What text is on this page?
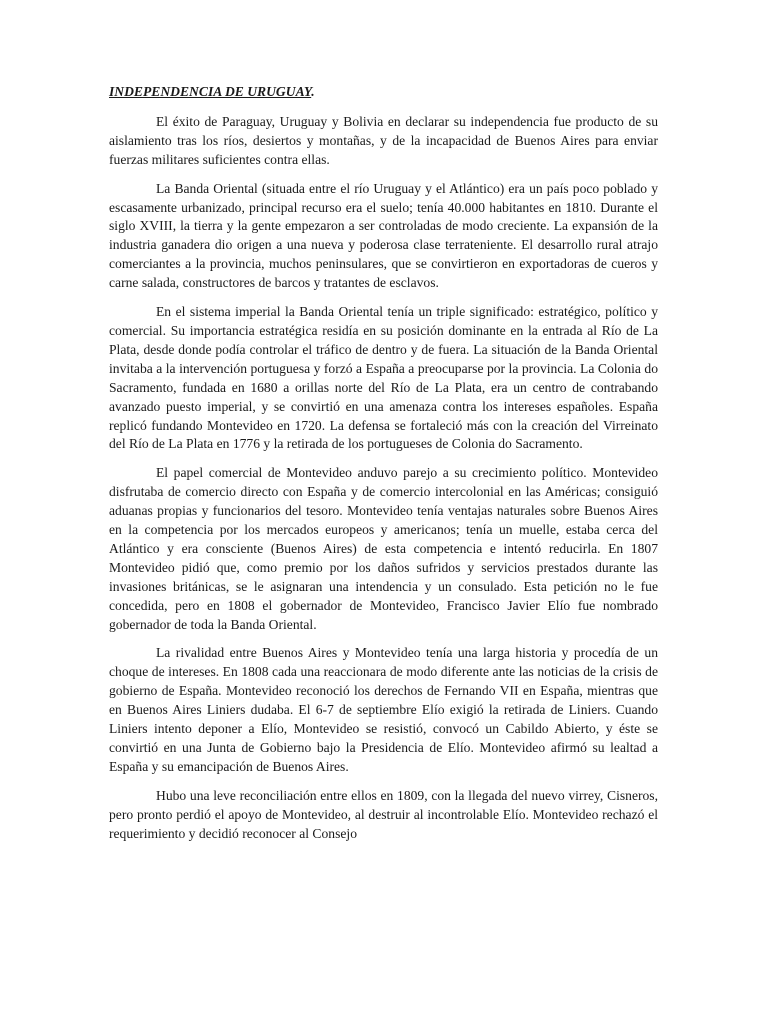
INDEPENDENCIA DE URUGUAY.

El éxito de Paraguay, Uruguay y Bolivia en declarar su independencia fue producto de su aislamiento tras los ríos, desiertos y montañas, y de la incapacidad de Buenos Aires para enviar fuerzas militares suficientes contra ellas.

La Banda Oriental (situada entre el río Uruguay y el Atlántico) era un país poco poblado y escasamente urbanizado, principal recurso era el suelo; tenía 40.000 habitantes en 1810. Durante el siglo XVIII, la tierra y la gente empezaron a ser controladas de modo creciente. La expansión de la industria ganadera dio origen a una nueva y poderosa clase terrateniente. El desarrollo rural atrajo comerciantes a la provincia, muchos peninsulares, que se convirtieron en exportadoras de cueros y carne salada, constructores de barcos y tratantes de esclavos.

En el sistema imperial la Banda Oriental tenía un triple significado: estratégico, político y comercial. Su importancia estratégica residía en su posición dominante en la entrada al Río de La Plata, desde donde podía controlar el tráfico de dentro y de fuera. La situación de la Banda Oriental invitaba a la intervención portuguesa y forzó a España a preocuparse por la provincia. La Colonia do Sacramento, fundada en 1680 a orillas norte del Río de La Plata, era un centro de contrabando avanzado puesto imperial, y se convirtió en una amenaza contra los intereses españoles. España replicó fundando Montevideo en 1720. La defensa se fortaleció más con la creación del Virreinato del Río de La Plata en 1776 y la retirada de los portugueses de Colonia do Sacramento.

El papel comercial de Montevideo anduvo parejo a su crecimiento político. Montevideo disfrutaba de comercio directo con España y de comercio intercolonial en las Américas; consiguió aduanas propias y funcionarios del tesoro. Montevideo tenía ventajas naturales sobre Buenos Aires en la competencia por los mercados europeos y americanos; tenía un muelle, estaba cerca del Atlántico y era consciente (Buenos Aires) de esta competencia e intentó reducirla. En 1807 Montevideo pidió que, como premio por los daños sufridos y servicios prestados durante las invasiones británicas, se le asignaran una intendencia y un consulado. Esta petición no le fue concedida, pero en 1808 el gobernador de Montevideo, Francisco Javier Elío fue nombrado gobernador de toda la Banda Oriental.

La rivalidad entre Buenos Aires y Montevideo tenía una larga historia y procedía de un choque de intereses. En 1808 cada una reaccionara de modo diferente ante las noticias de la crisis de gobierno de España. Montevideo reconoció los derechos de Fernando VII en España, mientras que en Buenos Aires Liniers dudaba. El 6-7 de septiembre Elío exigió la retirada de Liniers. Cuando Liniers intento deponer a Elío, Montevideo se resistió, convocó un Cabildo Abierto, y éste se convirtió en una Junta de Gobierno bajo la Presidencia de Elío. Montevideo afirmó su lealtad a España y su emancipación de Buenos Aires.

Hubo una leve reconciliación entre ellos en 1809, con la llegada del nuevo virrey, Cisneros, pero pronto perdió el apoyo de Montevideo, al destruir al incontrolable Elío. Montevideo rechazó el requerimiento y decidió reconocer al Consejo
